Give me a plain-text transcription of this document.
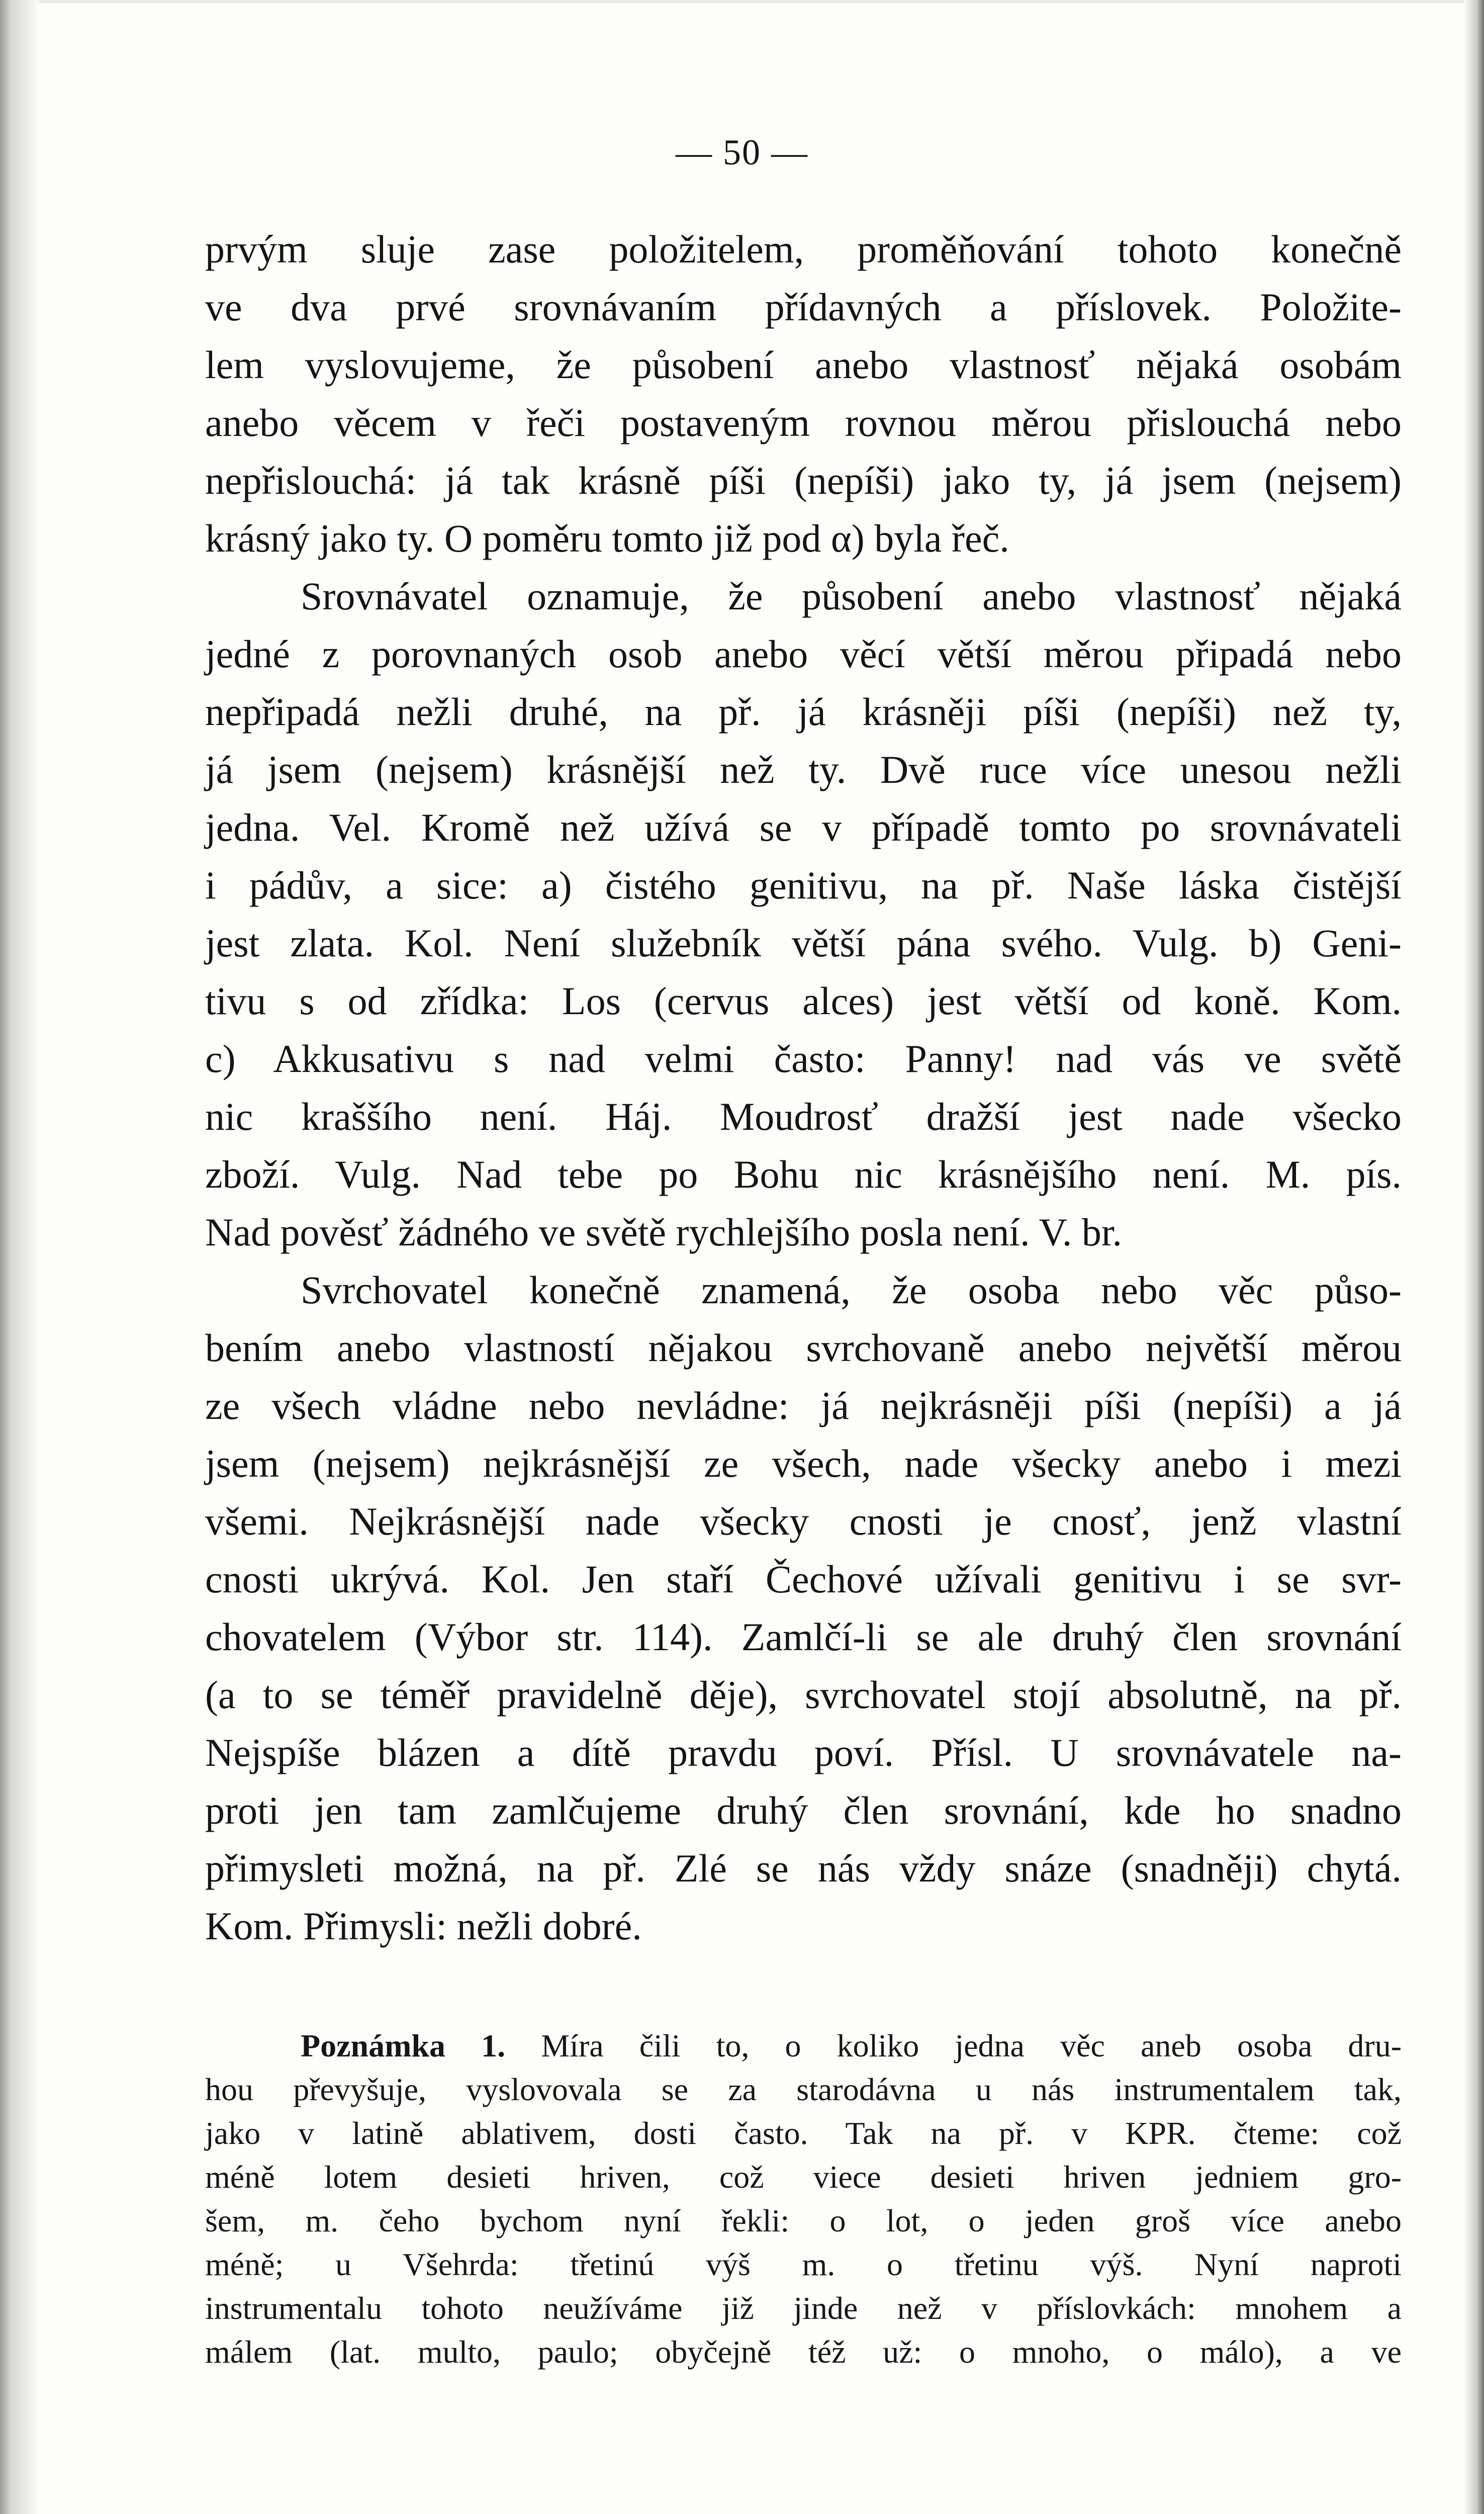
— 50 —

prvým sluje zase položitelem, proměňování tohoto konečně
ve dva prvé srovnávaním přídavných a příslovek. Položite-
lem vyslovujeme, že působení anebo vlastnosť nějaká osobám
anebo věcem v řeči postaveným rovnou měrou přislouchá nebo
nepřislouchá: já tak krásně píši (nepíši) jako ty, já jsem (nejsem)
krásný jako ty. O poměru tomto již pod α) byla řeč.

Srovnávatel oznamuje, že působení anebo vlastnosť nějaká
jedné z porovnaných osob anebo věcí větší měrou připadá nebo
nepřipadá nežli druhé, na př. já krásněji píši (nepíši) než ty,
já jsem (nejsem) krásnější než ty. Dvě ruce více unesou nežli
jedna. Vel. Kromě než užívá se v případě tomto po srovnávateli
i pádův, a sice: a) čistého genitivu, na př. Naše láska čistější
jest zlata. Kol. Není služebník větší pána svého. Vulg. b) Geni-
tivu s od zřídka: Los (cervus alces) jest větší od koně. Kom.
c) Akkusativu s nad velmi často: Panny! nad vás ve světě
nic kraššího není. Háj. Moudrosť dražší jest nade všecko
zboží. Vulg. Nad tebe po Bohu nic krásnějšího není. M. pís.
Nad pověsť žádného ve světě rychlejšího posla není. V. br.

Svrchovatel konečně znamená, že osoba nebo věc půso-
bením anebo vlastností nějakou svrchovaně anebo největší měrou
ze všech vládne nebo nevládne: já nejkrásněji píši (nepíši) a já
jsem (nejsem) nejkrásnější ze všech, nade všecky anebo i mezi
všemi. Nejkrásnější nade všecky cnosti je cnosť, jenž vlastní
cnosti ukrývá. Kol. Jen staří Čechové užívali genitivu i se svr-
chovatelem (Výbor str. 114). Zamlčí-li se ale druhý člen srovnání
(a to se téměř pravidelně děje), svrchovatel stojí absolutně, na př.
Nejspíše blázen a dítě pravdu poví. Přísl. U srovnávatele na-
proti jen tam zamlčujeme druhý člen srovnání, kde ho snadno
přimysleti možná, na př. Zlé se nás vždy snáze (snadněji) chytá.
Kom. Přimysli: nežli dobré.

Poznámka 1. Míra čili to, o koliko jedna věc aneb osoba dru-
hou převyšuje, vyslovovala se za starodávna u nás instrumentalem tak,
jako v latině ablativem, dosti často. Tak na př. v KPR. čteme: což
méně lotem desieti hriven, což viece desieti hriven jedniem gro-
šem, m. čeho bychom nyní řekli: o lot, o jeden groš více anebo
méně; u Všehrda: třetinú výš m. o třetinu výš. Nyní naproti
instrumentalu tohoto neužíváme již jinde než v příslovkách: mnohem a
málem (lat. multo, paulo; obyčejně též už: o mnoho, o málo), a ve
